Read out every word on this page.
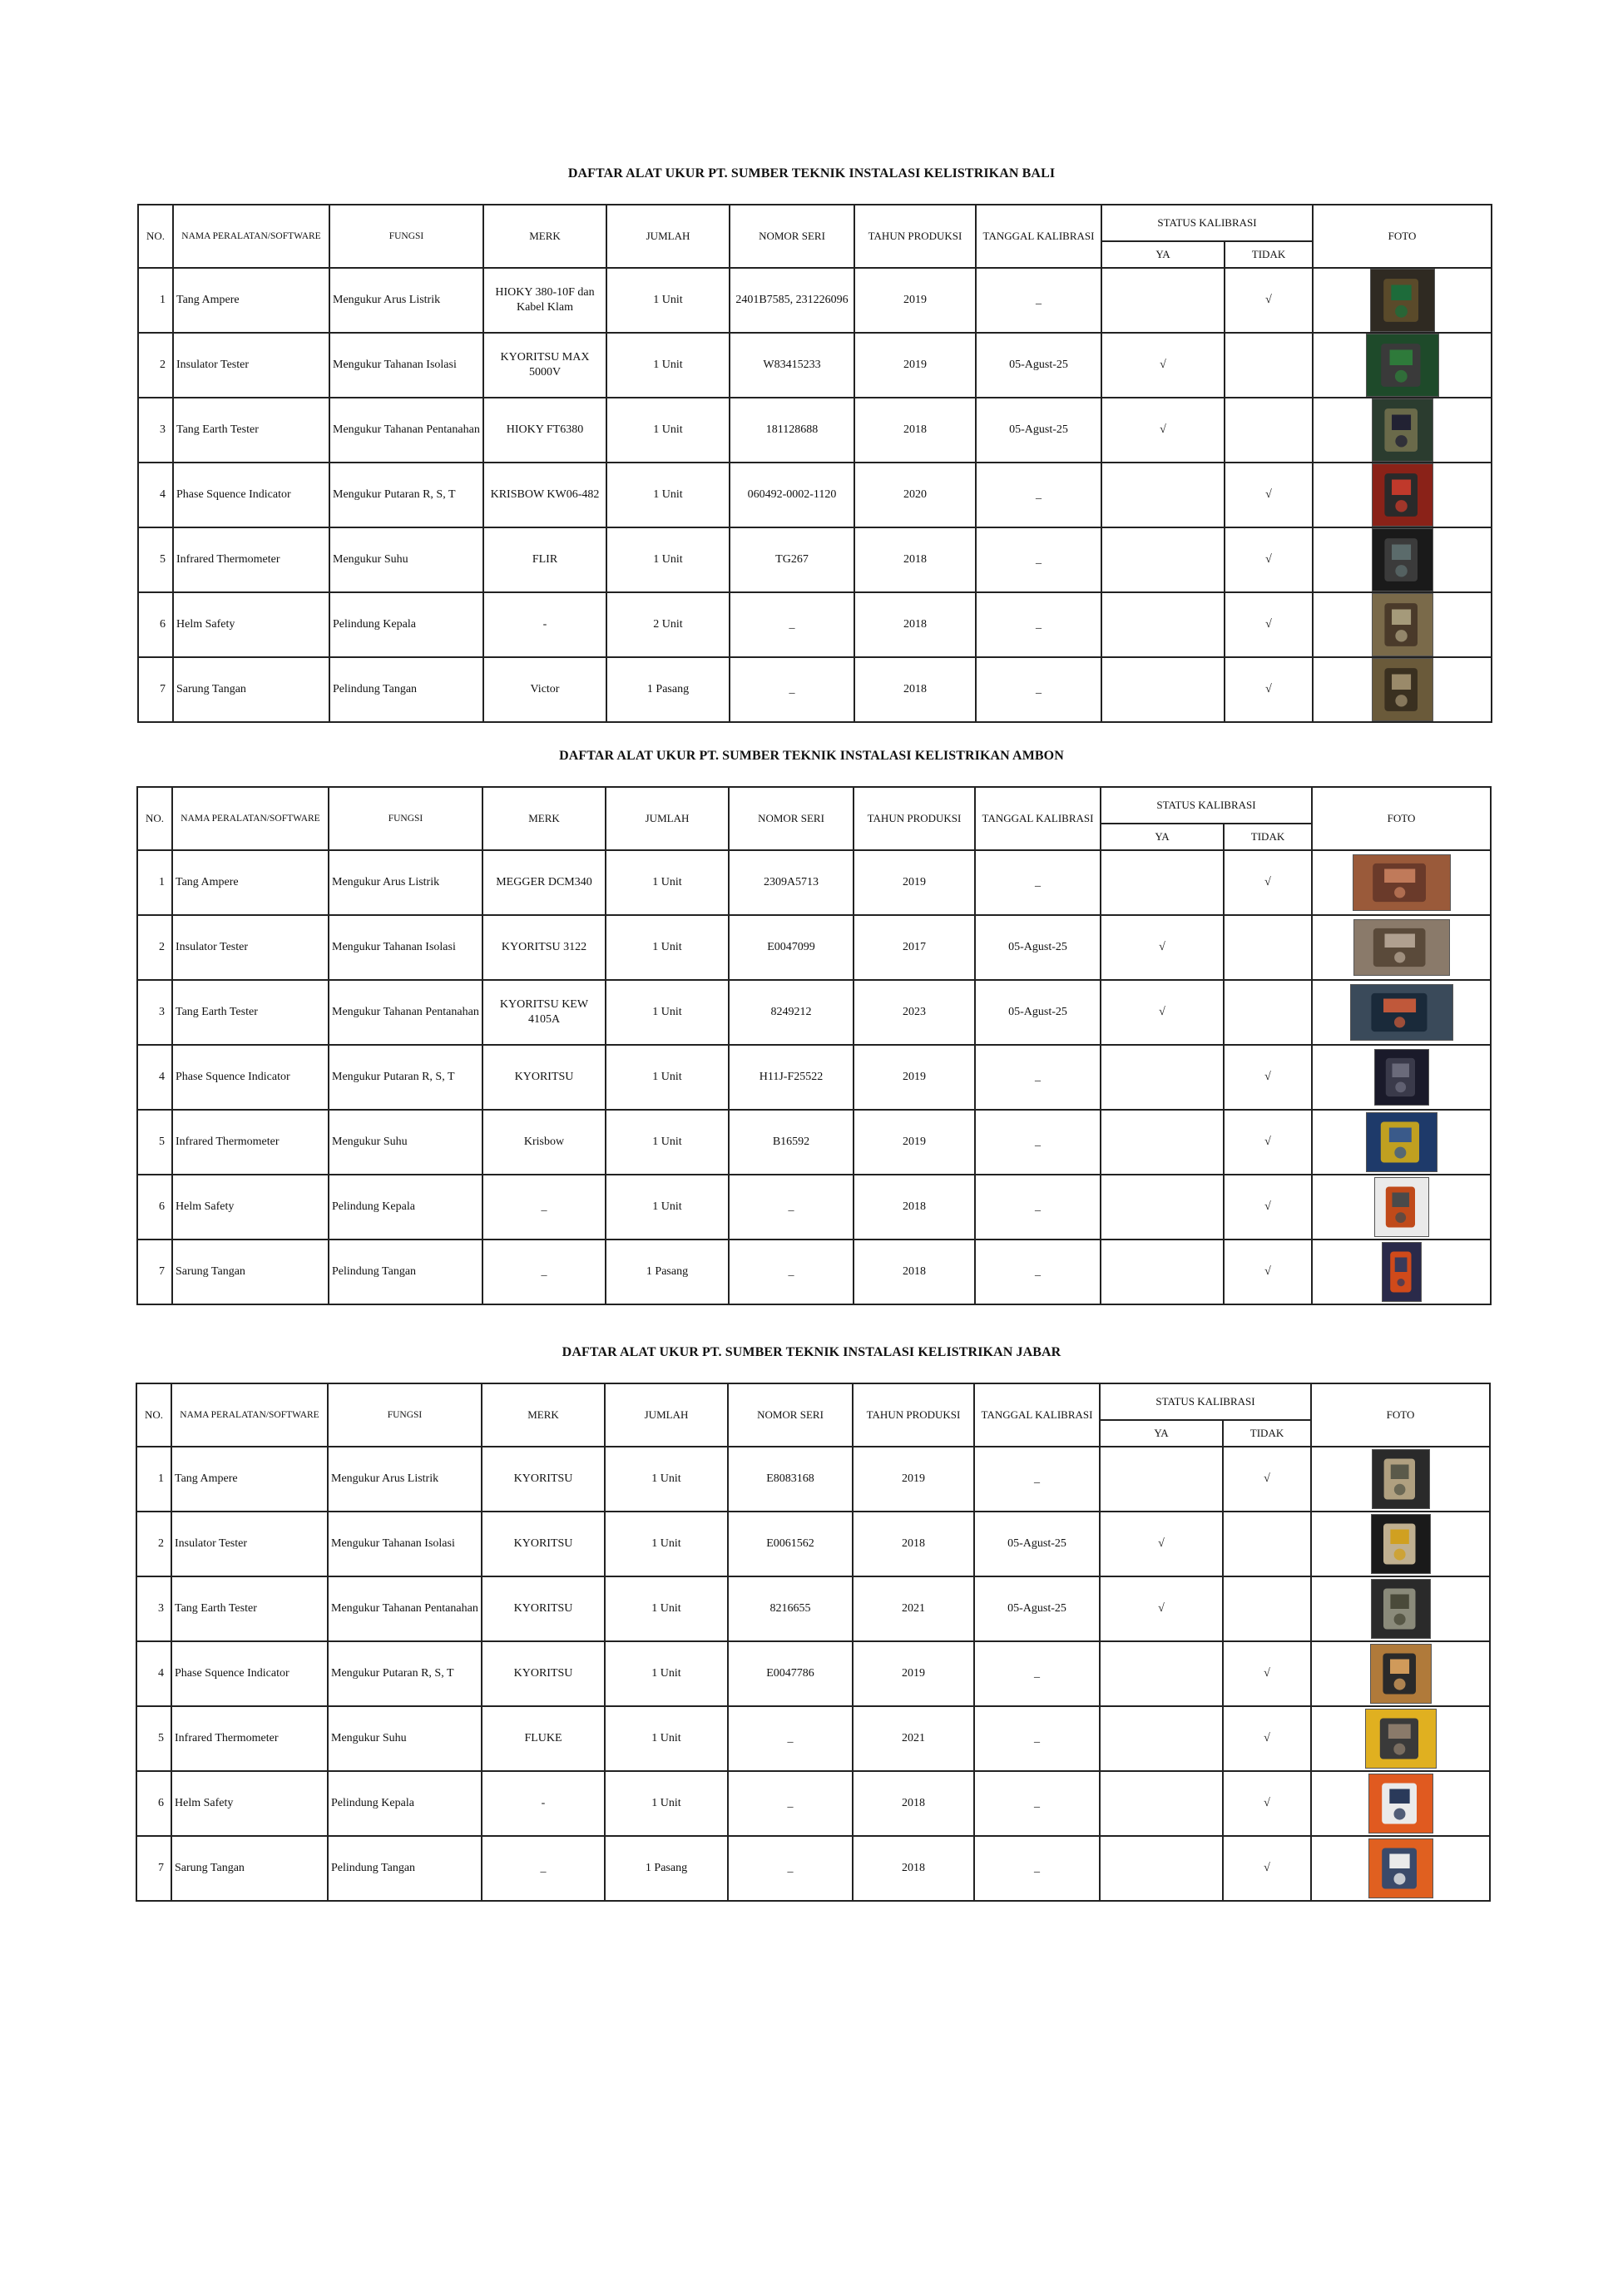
DAFTAR ALAT UKUR PT. SUMBER TEKNIK INSTALASI KELISTRIKAN BALI
NO.	NAMA PERALATAN/SOFTWARE	FUNGSI	MERK	JUMLAH	NOMOR SERI	TAHUN PRODUKSI	TANGGAL KALIBRASI	STATUS KALIBRASI		FOTO
								YA	TIDAK	
1	Tang Ampere	Mengukur Arus Listrik	HIOKY 380-10F dan Kabel Klam	1 Unit	2401B7585, 231226096	2019	_		√	
2	Insulator Tester	Mengukur Tahanan Isolasi	KYORITSU MAX 5000V	1 Unit	W83415233	2019	05-Agust-25	√		
3	Tang Earth Tester	Mengukur Tahanan Pentanahan	HIOKY FT6380	1 Unit	181128688	2018	05-Agust-25	√		
4	Phase Squence Indicator	Mengukur Putaran R, S, T	KRISBOW KW06-482	1 Unit	060492-0002-1120	2020	_		√	
5	Infrared Thermometer	Mengukur Suhu	FLIR	1 Unit	TG267	2018	_		√	
6	Helm Safety	Pelindung Kepala	-	2 Unit	_	2018	_		√	
7	Sarung Tangan	Pelindung Tangan	Victor	1 Pasang	_	2018	_		√	
DAFTAR ALAT UKUR PT. SUMBER TEKNIK INSTALASI KELISTRIKAN AMBON
NO.	NAMA PERALATAN/SOFTWARE	FUNGSI	MERK	JUMLAH	NOMOR SERI	TAHUN PRODUKSI	TANGGAL KALIBRASI	STATUS KALIBRASI		FOTO
								YA	TIDAK	
1	Tang Ampere	Mengukur Arus Listrik	MEGGER DCM340	1 Unit	2309A5713	2019	_		√	
2	Insulator Tester	Mengukur Tahanan Isolasi	KYORITSU 3122	1 Unit	E0047099	2017	05-Agust-25	√		
3	Tang Earth Tester	Mengukur Tahanan Pentanahan	KYORITSU KEW 4105A	1 Unit	8249212	2023	05-Agust-25	√		
4	Phase Squence Indicator	Mengukur Putaran R, S, T	KYORITSU	1 Unit	H11J-F25522	2019	_		√	
5	Infrared Thermometer	Mengukur Suhu	Krisbow	1 Unit	B16592	2019	_		√	
6	Helm Safety	Pelindung Kepala	_	1 Unit	_	2018	_		√	
7	Sarung Tangan	Pelindung Tangan	_	1 Pasang	_	2018	_		√	
DAFTAR ALAT UKUR PT. SUMBER TEKNIK INSTALASI KELISTRIKAN JABAR
NO.	NAMA PERALATAN/SOFTWARE	FUNGSI	MERK	JUMLAH	NOMOR SERI	TAHUN PRODUKSI	TANGGAL KALIBRASI	STATUS KALIBRASI		FOTO
								YA	TIDAK	
1	Tang Ampere	Mengukur Arus Listrik	KYORITSU	1 Unit	E8083168	2019	_		√	
2	Insulator Tester	Mengukur Tahanan Isolasi	KYORITSU	1 Unit	E0061562	2018	05-Agust-25	√		
3	Tang Earth Tester	Mengukur Tahanan Pentanahan	KYORITSU	1 Unit	8216655	2021	05-Agust-25	√		
4	Phase Squence Indicator	Mengukur Putaran R, S, T	KYORITSU	1 Unit	E0047786	2019	_		√	
5	Infrared Thermometer	Mengukur Suhu	FLUKE	1 Unit	_	2021	_		√	
6	Helm Safety	Pelindung Kepala	-	1 Unit	_	2018	_		√	
7	Sarung Tangan	Pelindung Tangan	_	1 Pasang	_	2018	_		√	
